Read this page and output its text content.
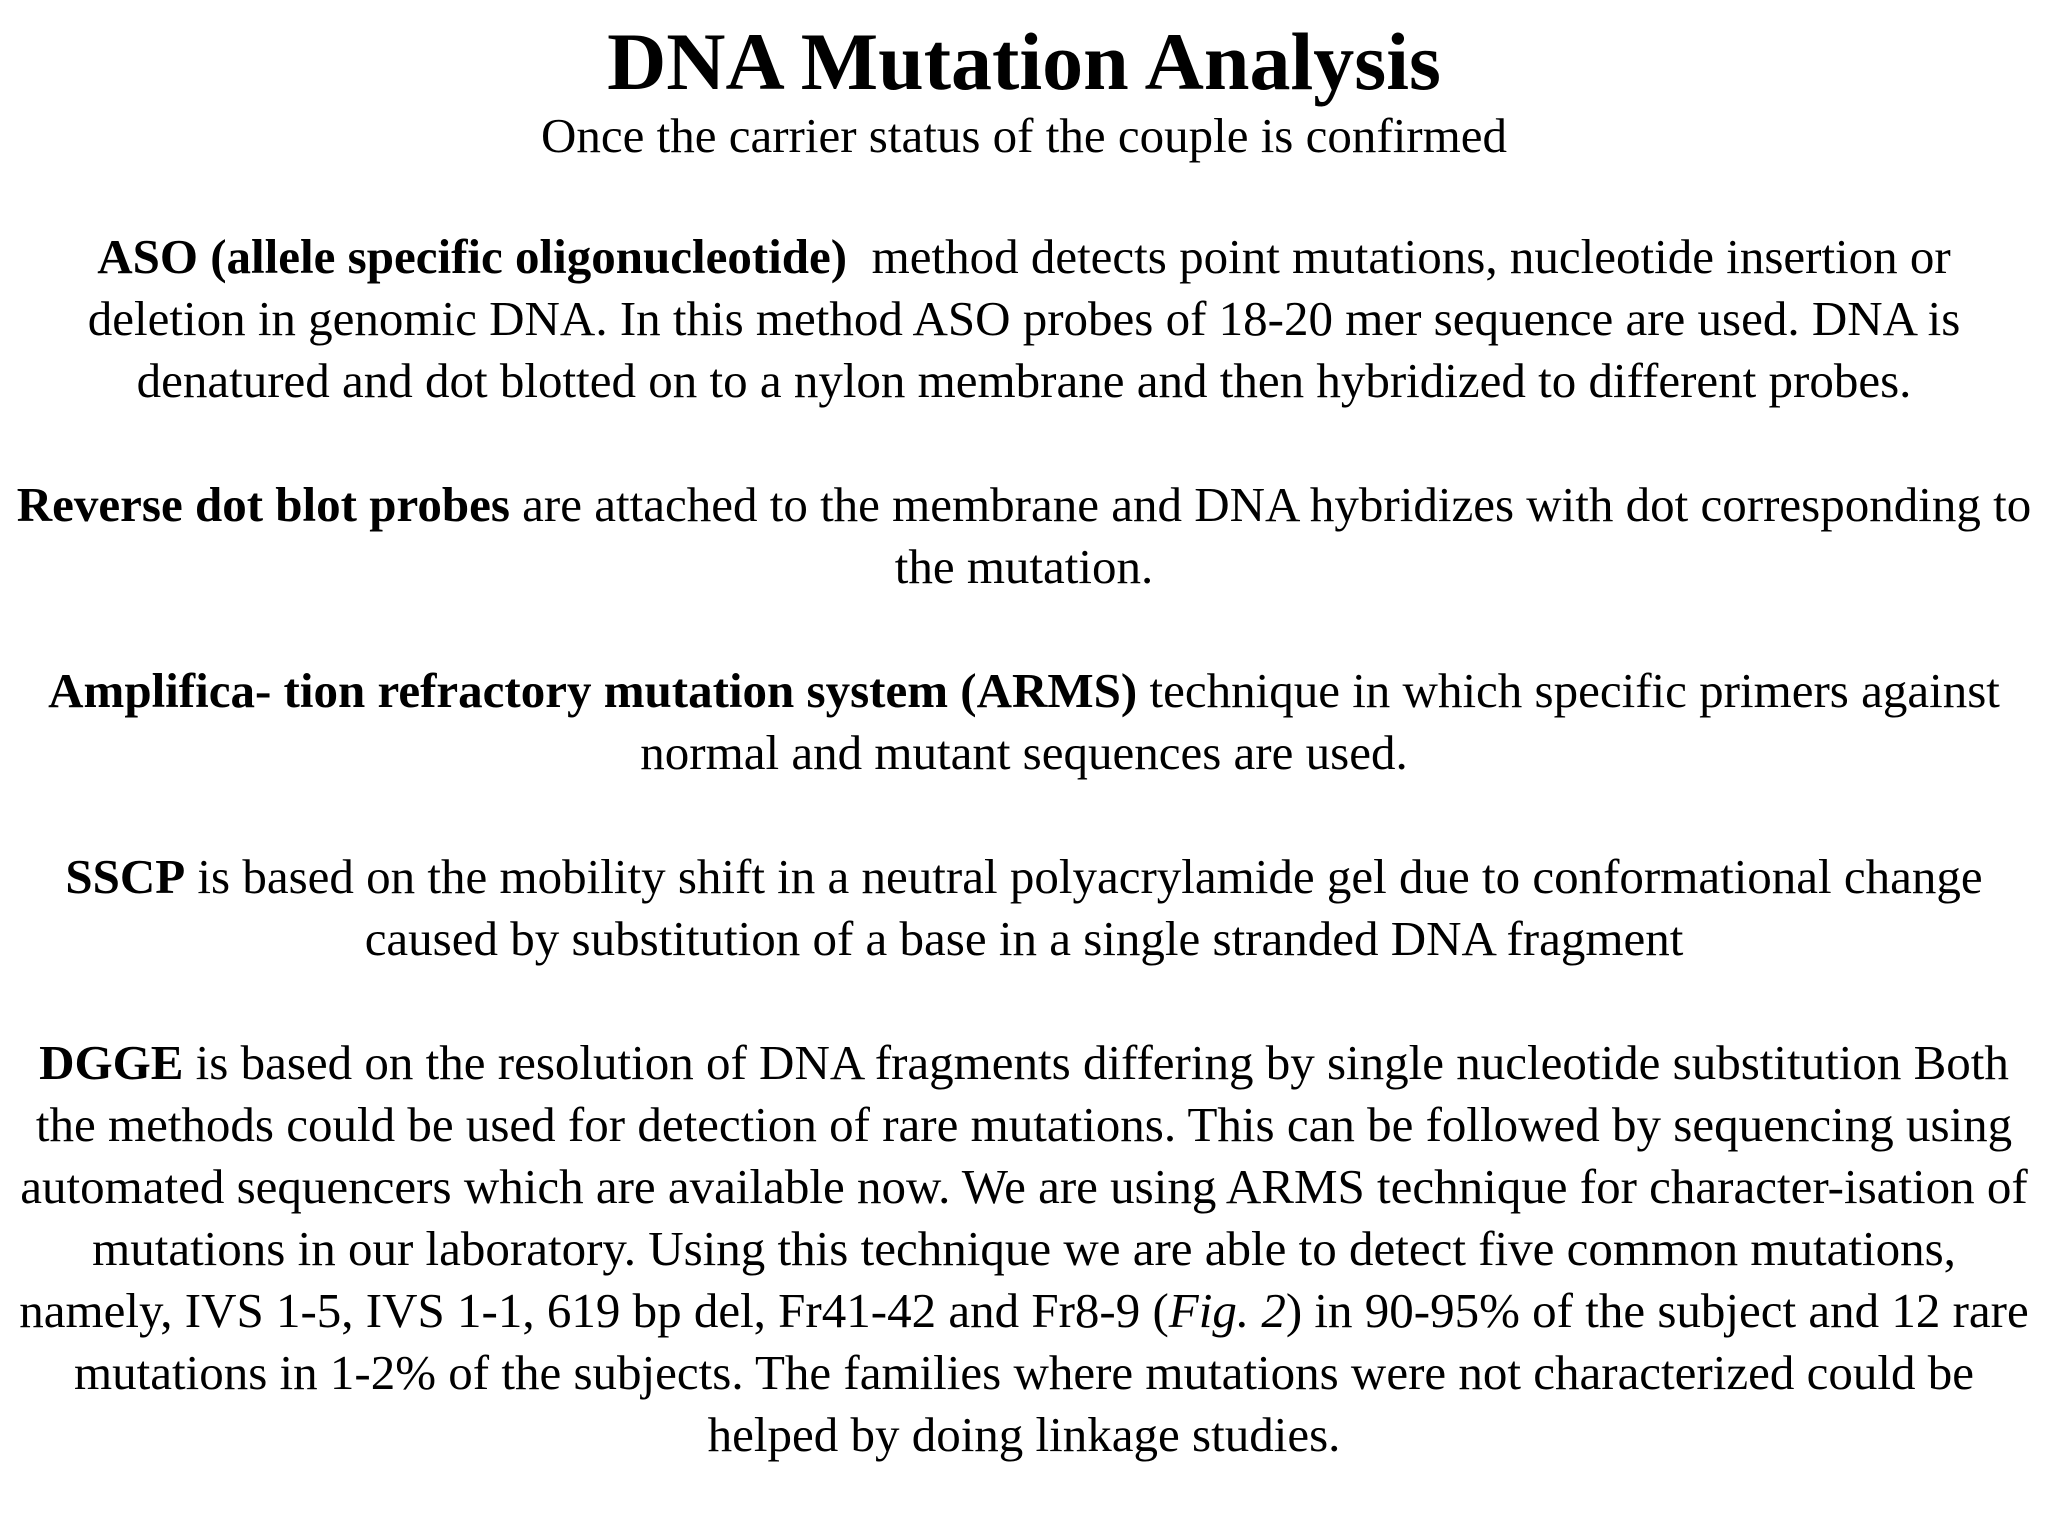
DNA Mutation Analysis

Once the carrier status of the couple is confirmed

ASO (allele specific oligonucleotide)  method detects point mutations, nucleotide insertion or deletion in genomic DNA. In this method ASO probes of 18-20 mer sequence are used. DNA is denatured and dot blotted on to a nylon membrane and then hybridized to different probes.

Reverse dot blot probes are attached to the membrane and DNA hybridizes with dot corresponding to the mutation.

Amplifica- tion refractory mutation system (ARMS) technique in which specific primers against normal and mutant sequences are used.

SSCP is based on the mobility shift in a neutral polyacrylamide gel due to conformational change caused by substitution of a base in a single stranded DNA fragment

DGGE is based on the resolution of DNA fragments differing by single nucleotide substitution Both the methods could be used for detection of rare mutations. This can be followed by sequencing using automated sequencers which are available now. We are using ARMS technique for character-isation of mutations in our laboratory. Using this technique we are able to detect five common mutations, namely, IVS 1-5, IVS 1-1, 619 bp del, Fr41-42 and Fr8-9 (Fig. 2) in 90-95% of the subject and 12 rare mutations in 1-2% of the subjects. The families where mutations were not characterized could be helped by doing linkage studies.
